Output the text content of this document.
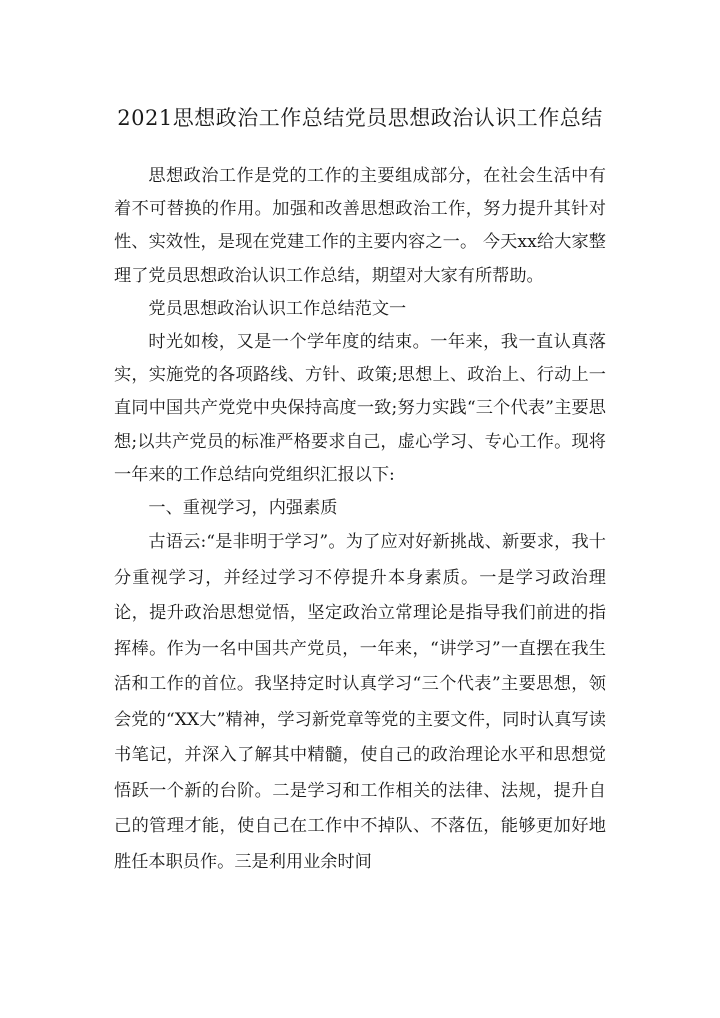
2021思想政治工作总结党员思想政治认识工作总结

思想政治工作是党的工作的主要组成部分，在社会生活中有着不可替换的作用。加强和改善思想政治工作，努力提升其针对性、实效性，是现在党建工作的主要内容之一。 今天xx给大家整理了党员思想政治认识工作总结，期望对大家有所帮助。

党员思想政治认识工作总结范文一

时光如梭，又是一个学年度的结束。一年来，我一直认真落实，实施党的各项路线、方针、政策;思想上、政治上、行动上一直同中国共产党党中央保持高度一致;努力实践“三个代表”主要思想;以共产党员的标准严格要求自己，虚心学习、专心工作。现将一年来的工作总结向党组织汇报以下:

一、重视学习，内强素质

古语云:“是非明于学习”。为了应对好新挑战、新要求，我十分重视学习，并经过学习不停提升本身素质。一是学习政治理论，提升政治思想觉悟，坚定政治立常理论是指导我们前进的指挥棒。作为一名中国共产党员，一年来，“讲学习”一直摆在我生活和工作的首位。我坚持定时认真学习“三个代表”主要思想，领会党的“XX大”精神，学习新党章等党的主要文件，同时认真写读书笔记，并深入了解其中精髓，使自己的政治理论水平和思想觉悟跃一个新的台阶。二是学习和工作相关的法律、法规，提升自己的管理才能，使自己在工作中不掉队、不落伍，能够更加好地胜任本职员作。三是利用业余时间
